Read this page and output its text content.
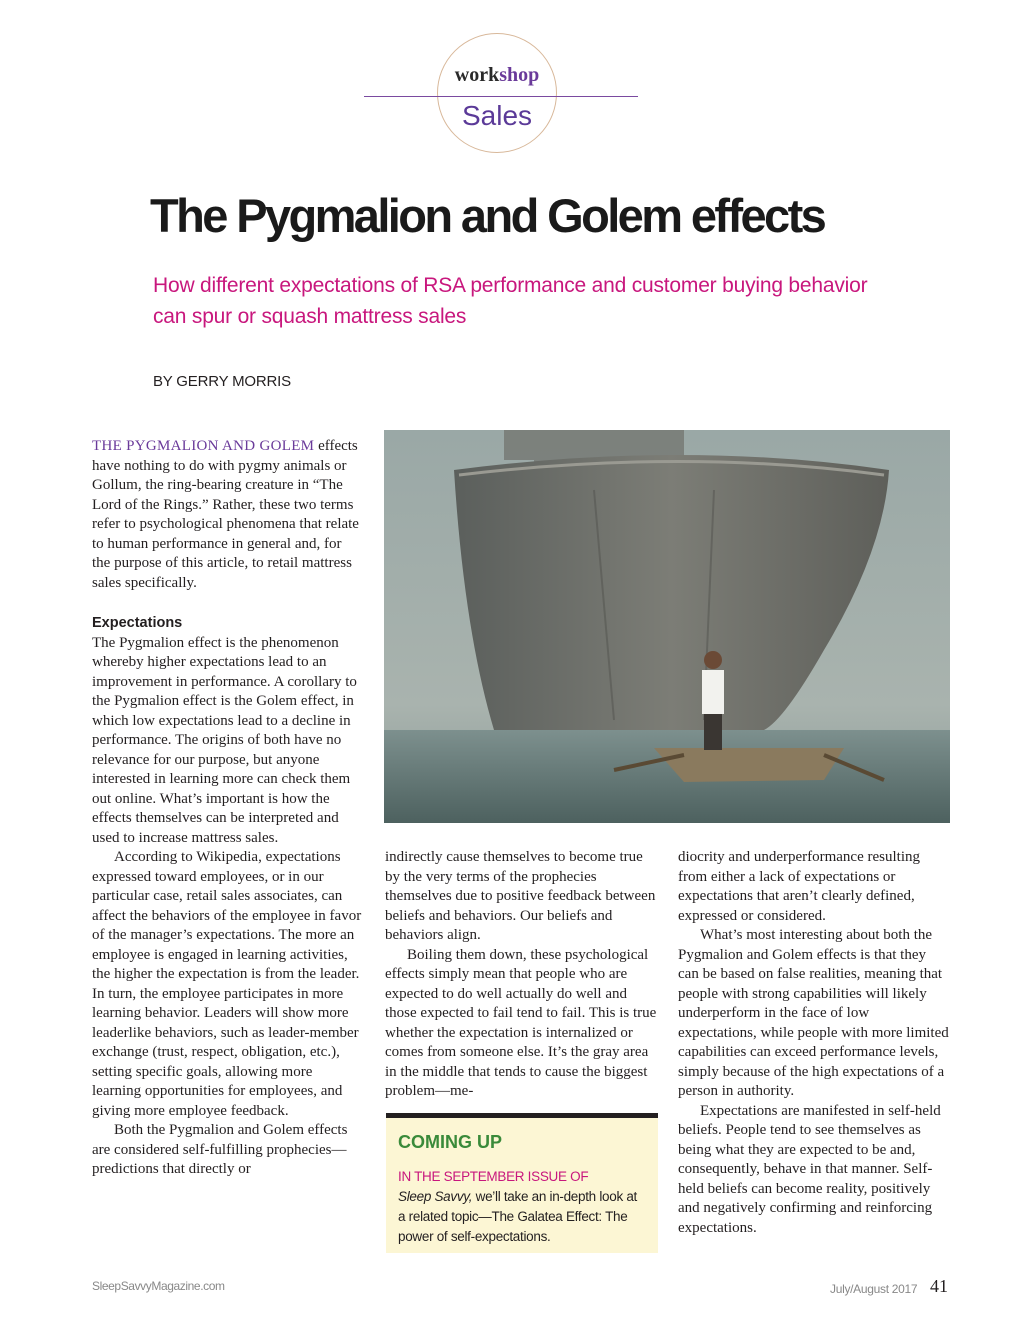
workshop
Sales
The Pygmalion and Golem effects
How different expectations of RSA performance and customer buying behavior can spur or squash mattress sales
BY GERRY MORRIS

THE PYGMALION AND GOLEM effects have nothing to do with pygmy animals or Gollum, the ring-bearing creature in “The Lord of the Rings.” Rather, these two terms refer to psychological phenomena that relate to human performance in general and, for the purpose of this article, to retail mattress sales specifically.

Expectations

The Pygmalion effect is the phenomenon whereby higher expectations lead to an improvement in performance. A corollary to the Pygmalion effect is the Golem effect, in which low expectations lead to a decline in performance. The origins of both have no relevance for our purpose, but anyone interested in learning more can check them out online. What’s important is how the effects themselves can be interpreted and used to increase mattress sales.

According to Wikipedia, expectations expressed toward employees, or in our particular case, retail sales associates, can affect the behaviors of the employee in favor of the manager’s expectations. The more an employee is engaged in learning activities, the higher the expectation is from the leader. In turn, the employee participates in more learning behavior. Leaders will show more leaderlike behaviors, such as leader-member exchange (trust, respect, obligation, etc.), setting specific goals, allowing more learning opportunities for employees, and giving more employee feedback.

Both the Pygmalion and Golem effects are considered self-fulfilling prophecies—predictions that directly or

indirectly cause themselves to become true by the very terms of the prophecies themselves due to positive feedback between beliefs and behaviors. Our beliefs and behaviors align.

Boiling them down, these psychological effects simply mean that people who are expected to do well actually do well and those expected to fail tend to fail. This is true whether the expectation is internalized or comes from someone else. It’s the gray area in the middle that tends to cause the biggest problem—me-

COMING UP
IN THE SEPTEMBER ISSUE OF
Sleep Savvy, we’ll take an in-depth look at a related topic—The Galatea Effect: The power of self-expectations.

diocrity and underperformance resulting from either a lack of expectations or expectations that aren’t clearly defined, expressed or considered.

What’s most interesting about both the Pygmalion and Golem effects is that they can be based on false realities, meaning that people with strong capabilities will likely underperform in the face of low expectations, while people with more limited capabilities can exceed performance levels, simply because of the high expectations of a person in authority.

Expectations are manifested in self-held beliefs. People tend to see themselves as being what they are expected to be and, consequently, behave in that manner. Self-held beliefs can become reality, positively and negatively confirming and reinforcing expectations.

SleepSavvyMagazine.com	July/August 2017 41
